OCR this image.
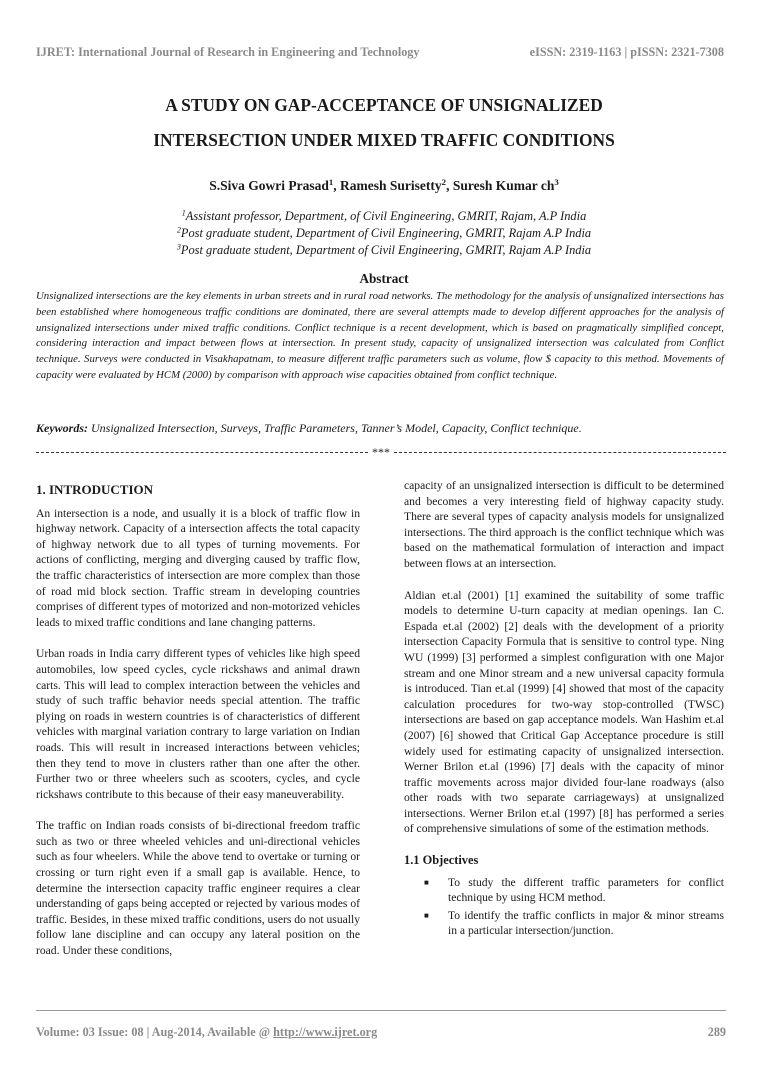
IJRET: International Journal of Research in Engineering and Technology	eISSN: 2319-1163 | pISSN: 2321-7308
A STUDY ON GAP-ACCEPTANCE OF UNSIGNALIZED
INTERSECTION UNDER MIXED TRAFFIC CONDITIONS
S.Siva Gowri Prasad$^1$, Ramesh Surisetty$^2$, Suresh Kumar $ch^3$
$^1$Assistant professor, Department, of Civil Engineering, GMRIT, Rajam, A.P India
$^2$Post graduate student, Department of Civil Engineering, GMRIT, Rajam A.P India
$^3$Post graduate student, Department of Civil Engineering, GMRIT, Rajam A.P India
Abstract

Unsignalized intersections are the key elements in urban streets and in rural road networks. The methodology for the analysis of unsignalized intersections has been established where homogeneous traffic conditions are dominated, there are several attempts made to develop different approaches for the analysis of unsignalized intersections under mixed traffic conditions. Conflict technique is a recent development, which is based on pragmatically simplified concept, considering interaction and impact between flows at intersection. In present study, capacity of unsignalized intersection was calculated from Conflict technique. Surveys were conducted in Visakhapatnam, to measure different traffic parameters such as volume, flow $ capacity to this method. Movements of capacity were evaluated by HCM (2000) by comparison with approach wise capacities obtained from conflict technique.

Keywords: Unsignalized Intersection, Surveys, Traffic Parameters, Tanner’s Model, Capacity, Conflict technique.
***
1. INTRODUCTION

An intersection is a node, and usually it is a block of traffic flow in highway network. Capacity of a intersection affects the total capacity of highway network due to all types of turning movements. For actions of conflicting, merging and diverging caused by traffic flow, the traffic characteristics of intersection are more complex than those of road mid block section. Traffic stream in developing countries comprises of different types of motorized and non-motorized vehicles leads to mixed traffic conditions and lane changing patterns.

Urban roads in India carry different types of vehicles like high speed automobiles, low speed cycles, cycle rickshaws and animal drawn carts. This will lead to complex interaction between the vehicles and study of such traffic behavior needs special attention. The traffic plying on roads in western countries is of characteristics of different vehicles with marginal variation contrary to large variation on Indian roads. This will result in increased interactions between vehicles; then they tend to move in clusters rather than one after the other. Further two or three wheelers such as scooters, cycles, and cycle rickshaws contribute to this because of their easy maneuverability.

The traffic on Indian roads consists of bi-directional freedom traffic such as two or three wheeled vehicles and uni-directional vehicles such as four wheelers. While the above tend to overtake or turning or crossing or turn right even if a small gap is available. Hence, to determine the intersection capacity traffic engineer requires a clear understanding of gaps being accepted or rejected by various modes of traffic. Besides, in these mixed traffic conditions, users do not usually follow lane discipline and can occupy any lateral position on the road. Under these conditions,

capacity of an unsignalized intersection is difficult to be determined and becomes a very interesting field of highway capacity study. There are several types of capacity analysis models for unsignalized intersections. The third approach is the conflict technique which was based on the mathematical formulation of interaction and impact between flows at an intersection.

Aldian et.al (2001) [1] examined the suitability of some traffic models to determine U-turn capacity at median openings. Ian C. Espada et.al (2002) [2] deals with the development of a priority intersection Capacity Formula that is sensitive to control type. Ning WU (1999) [3] performed a simplest configuration with one Major stream and one Minor stream and a new universal capacity formula is introduced. Tian et.al (1999) [4] showed that most of the capacity calculation procedures for two-way stop-controlled (TWSC) intersections are based on gap acceptance models. Wan Hashim et.al (2007) [6] showed that Critical Gap Acceptance procedure is still widely used for estimating capacity of unsignalized intersection. Werner Brilon et.al (1996) [7] deals with the capacity of minor traffic movements across major divided four-lane roadways (also other roads with two separate carriageways) at unsignalized intersections. Werner Brilon et.al (1997) [8] has performed a series of comprehensive simulations of some of the estimation methods.

1.1 Objectives
■ To study the different traffic parameters for conflict technique by using HCM method.
■ To identify the traffic conflicts in major & minor streams in a particular intersection/junction.
Volume: 03 Issue: 08 | Aug-2014, Available @ http://www.ijret.org	289
